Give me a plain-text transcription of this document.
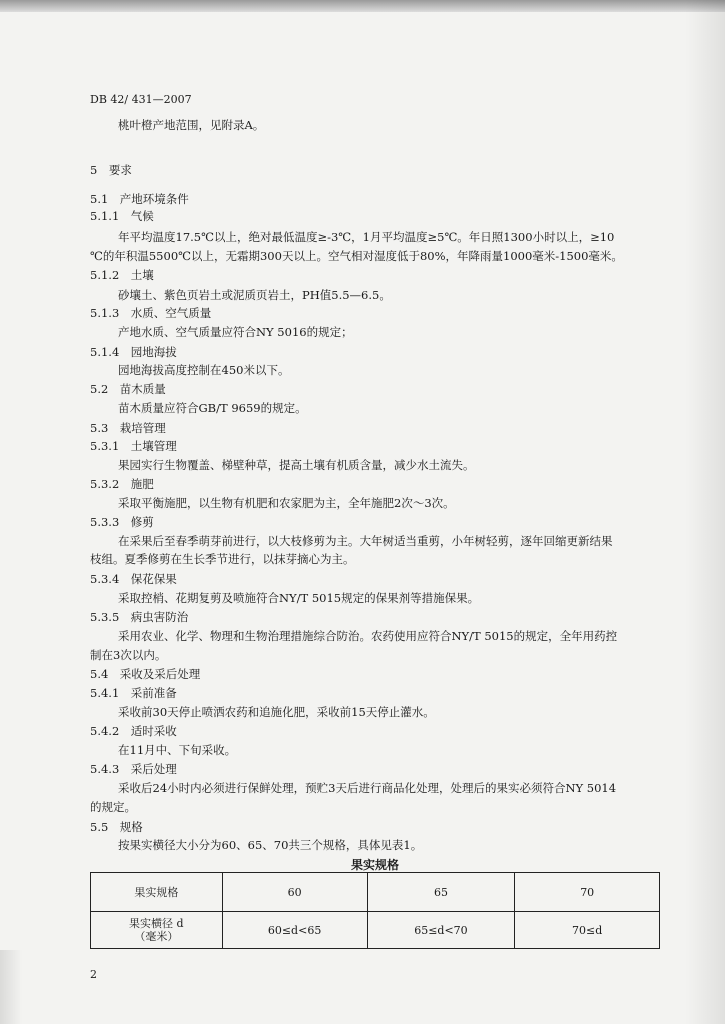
DB 42/ 431—2007
桃叶橙产地范围，见附录A。
5　要求
5.1　产地环境条件
5.1.1　气候
年平均温度17.5℃以上，绝对最低温度≥-3℃，1月平均温度≥5℃。年日照1300小时以上，≥10
℃的年积温5500℃以上，无霜期300天以上。空气相对湿度低于80%，年降雨量1000毫米-1500毫米。
5.1.2　土壤
砂壤土、紫色页岩土或泥质页岩土，PH值5.5—6.5。
5.1.3　水质、空气质量
产地水质、空气质量应符合NY 5016的规定；
5.1.4　园地海拔
园地海拔高度控制在450米以下。
5.2　苗木质量
苗木质量应符合GB/T 9659的规定。
5.3　栽培管理
5.3.1　土壤管理
果园实行生物覆盖、梯壁种草，提高土壤有机质含量，减少水土流失。
5.3.2　施肥
采取平衡施肥，以生物有机肥和农家肥为主，全年施肥2次～3次。
5.3.3　修剪
在采果后至春季萌芽前进行，以大枝修剪为主。大年树适当重剪，小年树轻剪，逐年回缩更新结果
枝组。夏季修剪在生长季节进行，以抹芽摘心为主。
5.3.4　保花保果
采取控梢、花期复剪及喷施符合NY/T 5015规定的保果剂等措施保果。
5.3.5　病虫害防治
采用农业、化学、物理和生物治理措施综合防治。农药使用应符合NY/T 5015的规定，全年用药控
制在3次以内。
5.4　采收及采后处理
5.4.1　采前准备
采收前30天停止喷洒农药和追施化肥，采收前15天停止灌水。
5.4.2　适时采收
在11月中、下旬采收。
5.4.3　采后处理
采收后24小时内必须进行保鲜处理，预贮3天后进行商品化处理，处理后的果实必须符合NY 5014
的规定。
5.5　规格
按果实横径大小分为60、65、70共三个规格，具体见表1。
果实规格
果实规格	60	65	70

果实横径 d
（毫米）	60≤d<65	65≤d<70	70≤d
2
